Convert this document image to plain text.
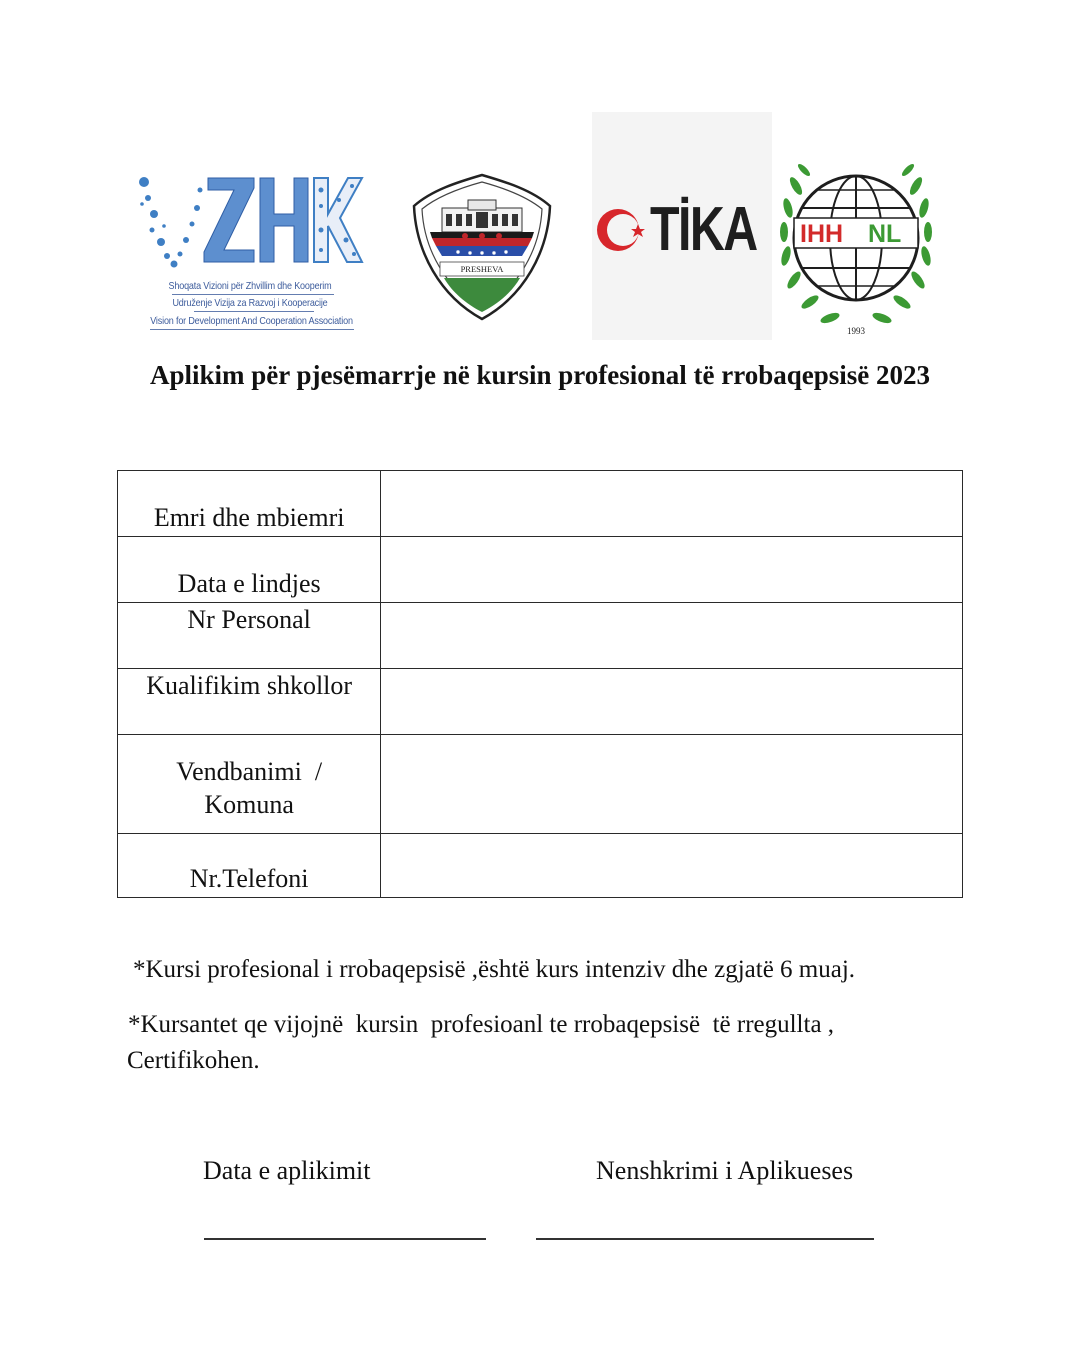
Shoqata Vizioni për Zhvillim dhe Kooperim
Udruženje Vizija za Razvoj i Kooperacije
Vision for Development And Cooperation Association
PRESHEVA
TİKA IHH NL
1993
Aplikim për pjesëmarrje në kursin profesional të rrobaqepsisë 2023
Emri dhe mbiemri	

Data e lindjes	

Nr Personal	

Kualifikim shkollor	

Vendbanimi  /
Komuna	

Nr.Telefoni	

*Kursi profesional i rrobaqepsisë ,është kurs intenziv dhe zgjatë 6 muaj.
*Kursantet qe vijojnë  kursin  profesioanl te rrobaqepsisë  të rregullta ,
Certifikohen.
Data e aplikimit	Nenshkrimi i Aplikueses
